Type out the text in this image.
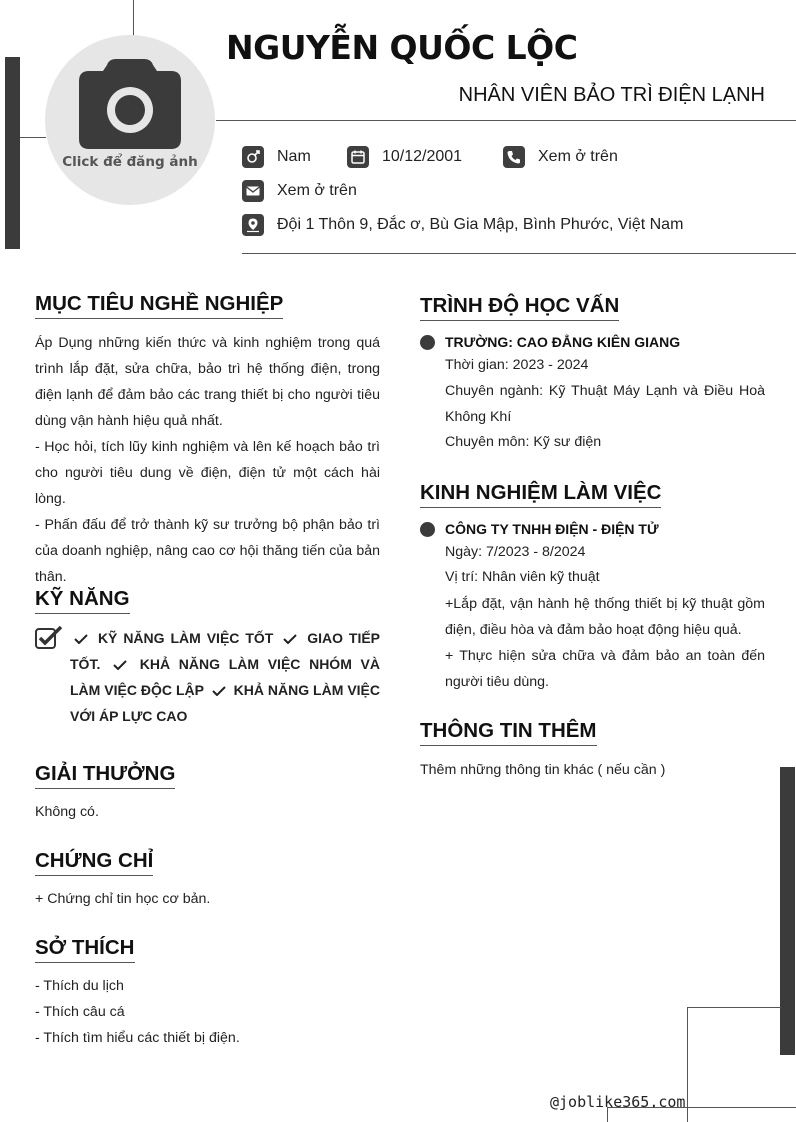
Click để đăng ảnh
NGUYỄN QUỐC LỘC
NHÂN VIÊN BẢO TRÌ ĐIỆN LẠNH
Nam	10/12/2001	Xem ở trên
Xem ở trên
Đội 1 Thôn 9, Đắc ơ, Bù Gia Mập, Bình Phước, Việt Nam
MỤC TIÊU NGHỀ NGHIỆP
Áp Dụng những kiến thức và kinh nghiệm trong quá trình lắp đặt, sửa chữa, bảo trì hệ thống điện, trong điện lạnh để đảm bảo các trang thiết bị cho người tiêu dùng vận hành hiệu quả nhất.
- Học hỏi, tích lũy kinh nghiệm và lên kế hoạch bảo trì cho người tiêu dung về điện, điện tử một cách hài lòng.
- Phấn đấu để trở thành kỹ sư trưởng bộ phận bảo trì của doanh nghiệp, nâng cao cơ hội thăng tiến của bản thân.
KỸ NĂNG
KỸ NĂNG LÀM VIỆC TỐT GIAO TIẾP TỐT.	KHẢ NĂNG LÀM VIỆC NHÓM VÀ LÀM VIỆC ĐỘC LẬP KHẢ NĂNG LÀM VIỆC VỚI ÁP LỰC CAO
GIẢI THƯỞNG
Không có.
CHỨNG CHỈ
+ Chứng chỉ tin học cơ bản.
SỞ THÍCH
- Thích du lịch
- Thích câu cá
- Thích tìm hiểu các thiết bị điện.
TRÌNH ĐỘ HỌC VẤN
TRƯỜNG: CAO ĐẲNG KIÊN GIANG
Thời gian: 2023 - 2024
Chuyên ngành: Kỹ Thuật Máy Lạnh và Điều Hoà Không Khí
Chuyên môn: Kỹ sư điện
KINH NGHIỆM LÀM VIỆC
CÔNG TY TNHH ĐIỆN - ĐIỆN TỬ
Ngày: 7/2023 - 8/2024
Vị trí: Nhân viên kỹ thuật
+Lắp đặt, vận hành hệ thống thiết bị kỹ thuật gồm điện, điều hòa và đảm bảo hoạt động hiệu quả.
+ Thực hiện sửa chữa và đảm bảo an toàn đến người tiêu dùng.
THÔNG TIN THÊM
Thêm những thông tin khác ( nếu cần )
@joblike365.com
